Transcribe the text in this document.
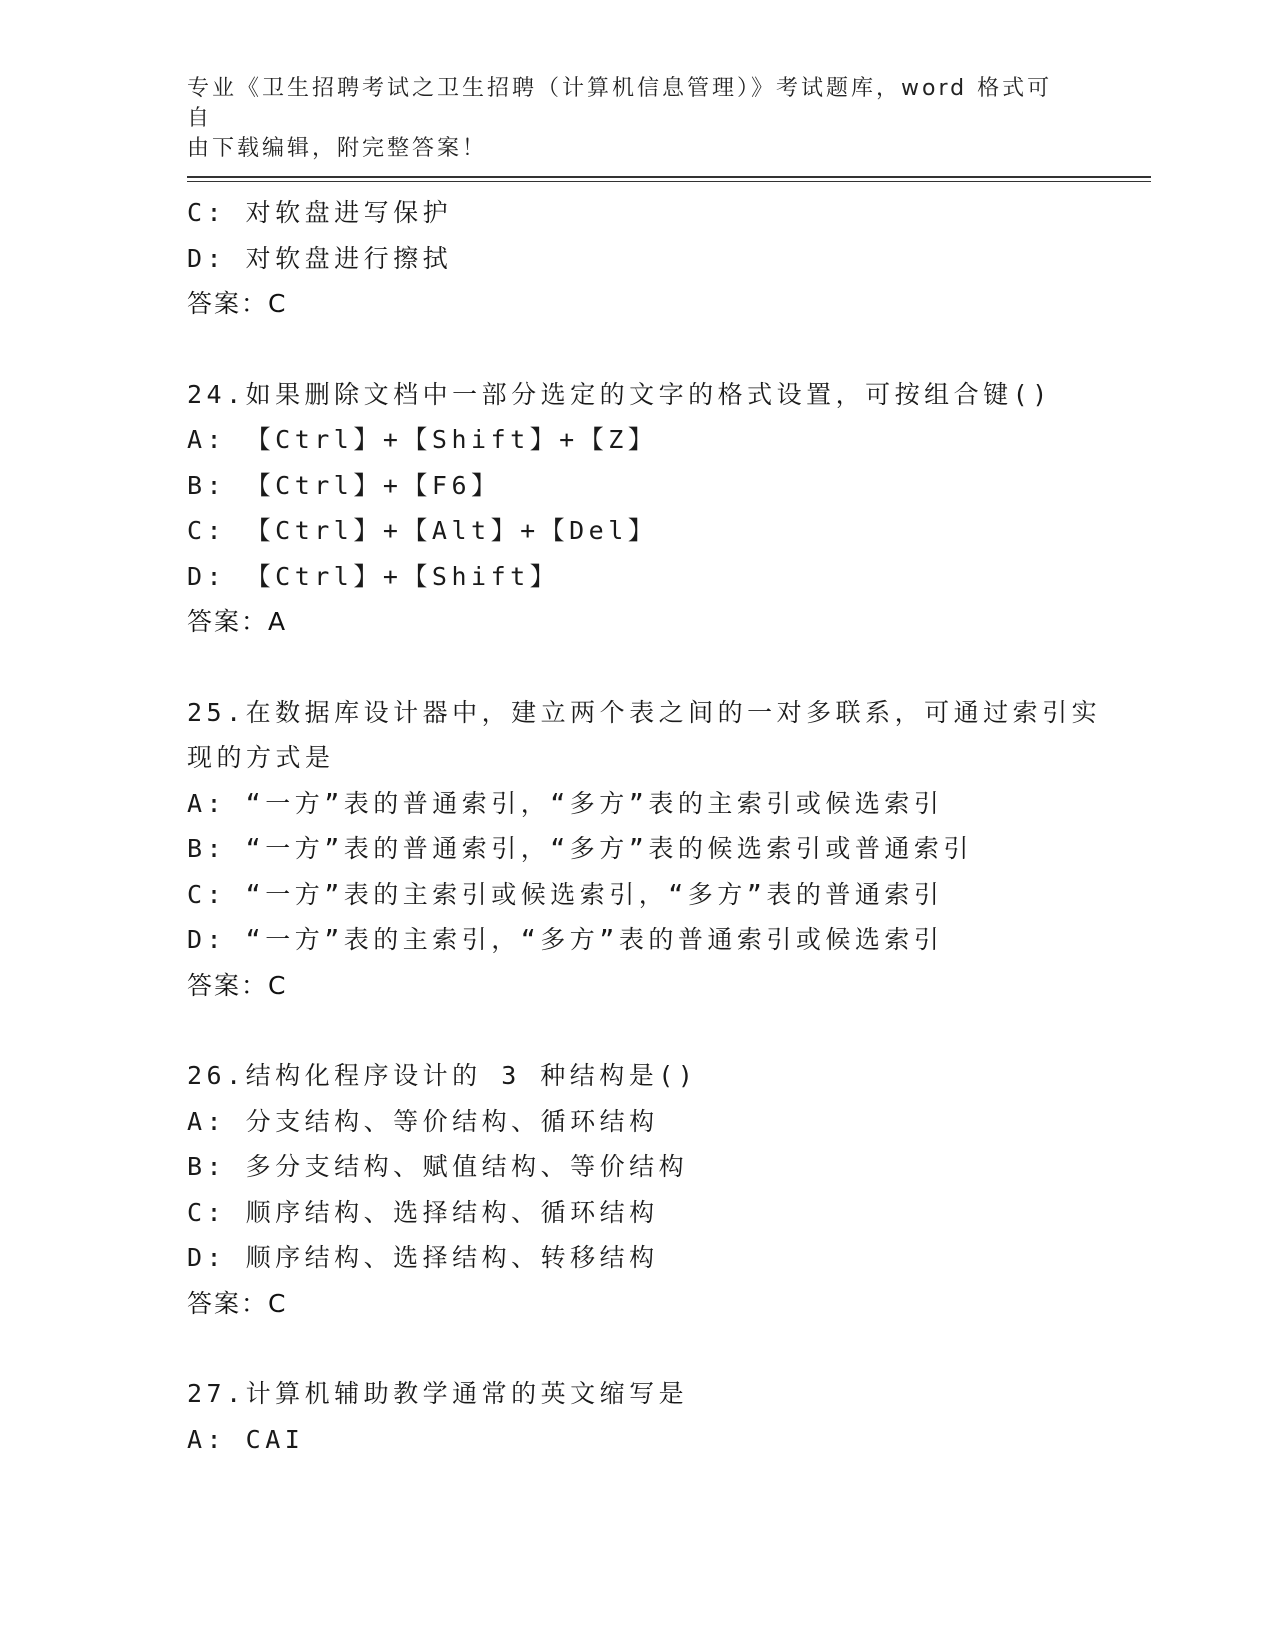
专业《卫生招聘考试之卫生招聘（计算机信息管理）》考试题库，word 格式可自
由下载编辑，附完整答案！
C: 对软盘进写保护
D: 对软盘进行擦拭
答案：C
24.如果删除文档中一部分选定的文字的格式设置，可按组合键()
A: 【Ctrl】+【Shift】+【Z】
B: 【Ctrl】+【F6】
C: 【Ctrl】+【Alt】+【Del】
D: 【Ctrl】+【Shift】
答案：A
25.在数据库设计器中，建立两个表之间的一对多联系，可通过索引实
现的方式是
A: “一方”表的普通索引，“多方”表的主索引或候选索引
B: “一方”表的普通索引，“多方”表的候选索引或普通索引
C: “一方”表的主索引或候选索引，“多方”表的普通索引
D: “一方”表的主索引，“多方”表的普通索引或候选索引
答案：C
26.结构化程序设计的 3 种结构是()
A: 分支结构、等价结构、循环结构
B: 多分支结构、赋值结构、等价结构
C: 顺序结构、选择结构、循环结构
D: 顺序结构、选择结构、转移结构
答案：C
27.计算机辅助教学通常的英文缩写是
A: CAI
